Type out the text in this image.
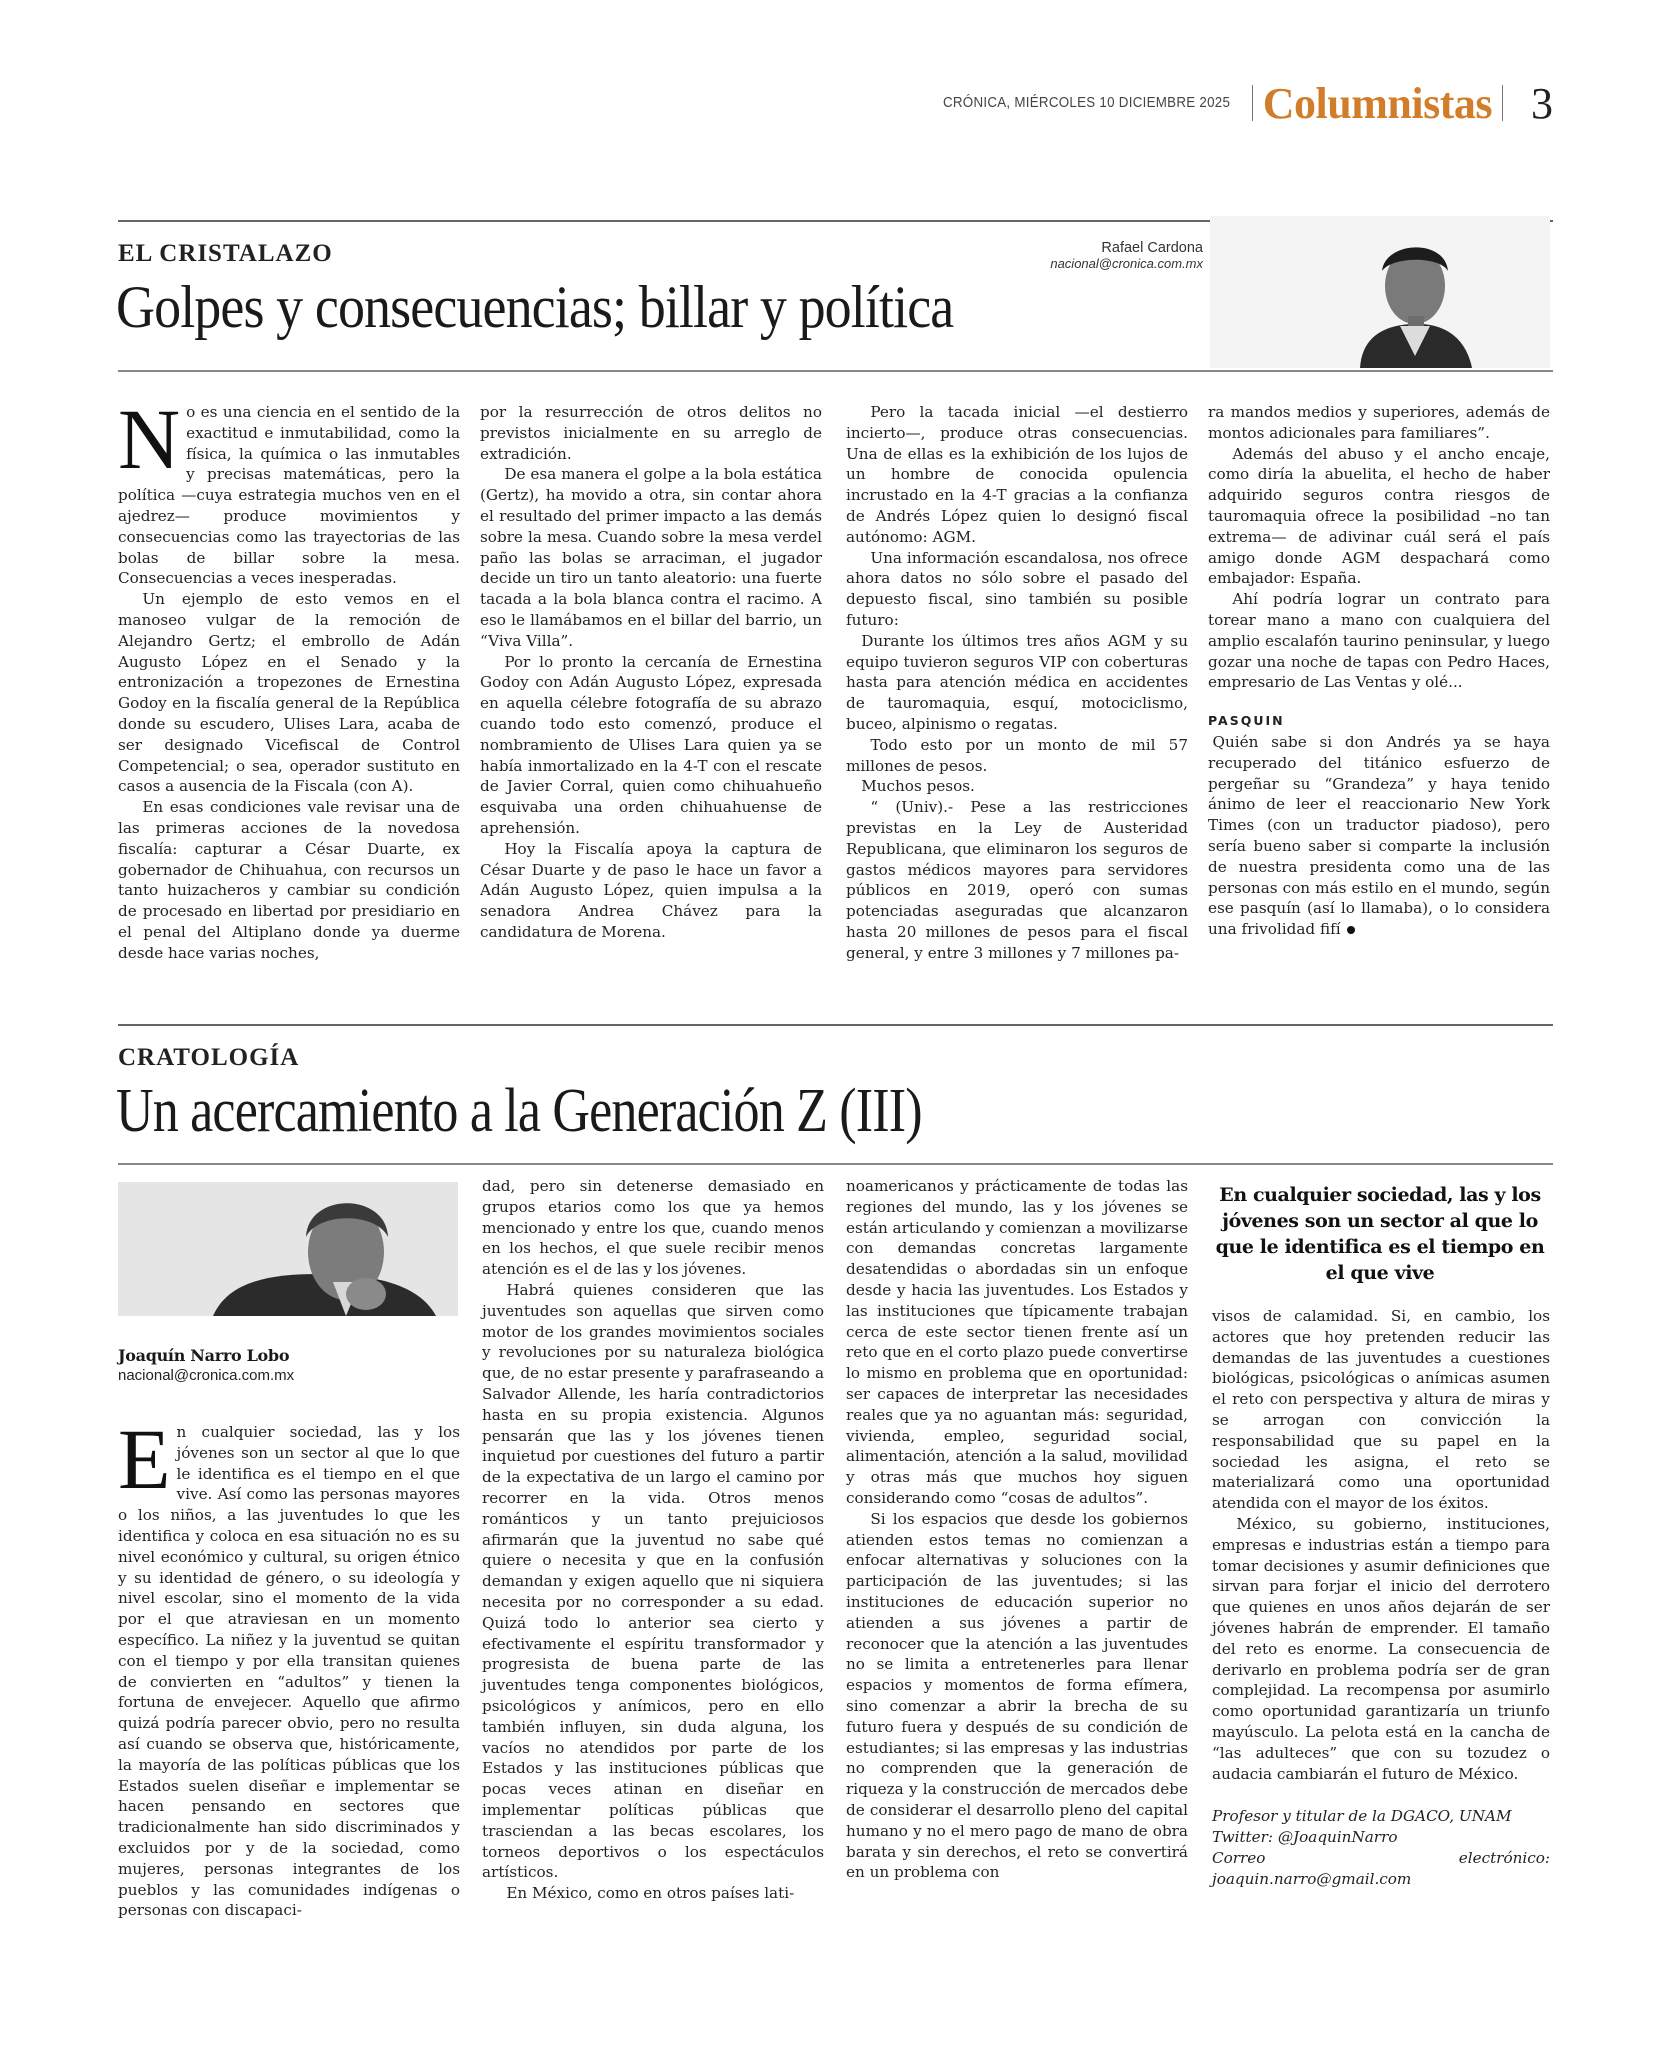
CRÓNICA, MIÉRCOLES 10 DICIEMBRE 2025 Columnistas 3
EL CRISTALAZO
Golpes y consecuencias; billar y política
Rafael Cardona
nacional@cronica.com.mx

No es una ciencia en el sentido de la exactitud e inmutabilidad, como la física, la química o las inmutables y precisas matemáticas, pero la política —cuya estrategia muchos ven en el ajedrez— produce movimientos y consecuencias como las trayectorias de las bolas de billar sobre la mesa. Consecuencias a veces inesperadas.

Un ejemplo de esto vemos en el manoseo vulgar de la remoción de Alejandro Gertz; el embrollo de Adán Augusto López en el Senado y la entronización a tropezones de Ernestina Godoy en la fiscalía general de la República donde su escudero, Ulises Lara, acaba de ser designado Vicefiscal de Control Competencial; o sea, operador sustituto en casos a ausencia de la Fiscala (con A).

En esas condiciones vale revisar una de las primeras acciones de la novedosa fiscalía: capturar a César Duarte, ex gobernador de Chihuahua, con recursos un tanto huizacheros y cambiar su condición de procesado en libertad por presidiario en el penal del Altiplano donde ya duerme desde hace varias noches,

por la resurrección de otros delitos no previstos inicialmente en su arreglo de extradición.

De esa manera el golpe a la bola estática (Gertz), ha movido a otra, sin contar ahora el resultado del primer impacto a las demás sobre la mesa. Cuando sobre la mesa verdel paño las bolas se arraciman, el jugador decide un tiro un tanto aleatorio: una fuerte tacada a la bola blanca contra el racimo. A eso le llamábamos en el billar del barrio, un “Viva Villa”.

Por lo pronto la cercanía de Ernestina Godoy con Adán Augusto López, expresada en aquella célebre fotografía de su abrazo cuando todo esto comenzó, produce el nombramiento de Ulises Lara quien ya se había inmortalizado en la 4-T con el rescate de Javier Corral, quien como chihuahueño esquivaba una orden chihuahuense de aprehensión.

Hoy la Fiscalía apoya la captura de César Duarte y de paso le hace un favor a Adán Augusto López, quien impulsa a la senadora Andrea Chávez para la candidatura de Morena.

Pero la tacada inicial —el destierro incierto—, produce otras consecuencias. Una de ellas es la exhibición de los lujos de un hombre de conocida opulencia incrustado en la 4-T gracias a la confianza de Andrés López quien lo designó fiscal autónomo: AGM.

Una información escandalosa, nos ofrece ahora datos no sólo sobre el pasado del depuesto fiscal, sino también su posible futuro:

Durante los últimos tres años AGM y su equipo tuvieron seguros VIP con coberturas hasta para atención médica en accidentes de tauromaquia, esquí, motociclismo, buceo, alpinismo o regatas.

Todo esto por un monto de mil 57 millones de pesos.

Muchos pesos.

“ (Univ).- Pese a las restricciones previstas en la Ley de Austeridad Republicana, que eliminaron los seguros de gastos médicos mayores para servidores públicos en 2019, operó con sumas potenciadas aseguradas que alcanzaron hasta 20 millones de pesos para el fiscal general, y entre 3 millones y 7 millones pa-

ra mandos medios y superiores, además de montos adicionales para familiares”.

Además del abuso y el ancho encaje, como diría la abuelita, el hecho de haber adquirido seguros contra riesgos de tauromaquia ofrece la posibilidad –no tan extrema— de adivinar cuál será el país amigo donde AGM despachará como embajador: España.

Ahí podría lograr un contrato para torear mano a mano con cualquiera del amplio escalafón taurino peninsular, y luego gozar una noche de tapas con Pedro Haces, empresario de Las Ventas y olé...

PASQUIN

Quién sabe si don Andrés ya se haya recuperado del titánico esfuerzo de pergeñar su “Grandeza” y haya tenido ánimo de leer el reaccionario New York Times (con un traductor piadoso), pero sería bueno saber si comparte la inclusión de nuestra presidenta como una de las personas con más estilo en el mundo, según ese pasquín (así lo llamaba), o lo considera una frivolidad fifí

CRATOLOGÍA
Un acercamiento a la Generación Z (III)
Joaquín Narro Lobo
nacional@cronica.com.mx

En cualquier sociedad, las y los jóvenes son un sector al que lo que le identifica es el tiempo en el que vive. Así como las personas mayores o los niños, a las juventudes lo que les identifica y coloca en esa situación no es su nivel económico y cultural, su origen étnico y su identidad de género, o su ideología y nivel escolar, sino el momento de la vida por el que atraviesan en un momento específico. La niñez y la juventud se quitan con el tiempo y por ella transitan quienes de convierten en “adultos” y tienen la fortuna de envejecer. Aquello que afirmo quizá podría parecer obvio, pero no resulta así cuando se observa que, históricamente, la mayoría de las políticas públicas que los Estados suelen diseñar e implementar se hacen pensando en sectores que tradicionalmente han sido discriminados y excluidos por y de la sociedad, como mujeres, personas integrantes de los pueblos y las comunidades indígenas o personas con discapaci-

dad, pero sin detenerse demasiado en grupos etarios como los que ya hemos mencionado y entre los que, cuando menos en los hechos, el que suele recibir menos atención es el de las y los jóvenes.

Habrá quienes consideren que las juventudes son aquellas que sirven como motor de los grandes movimientos sociales y revoluciones por su naturaleza biológica que, de no estar presente y parafraseando a Salvador Allende, les haría contradictorios hasta en su propia existencia. Algunos pensarán que las y los jóvenes tienen inquietud por cuestiones del futuro a partir de la expectativa de un largo el camino por recorrer en la vida. Otros menos románticos y un tanto prejuiciosos afirmarán que la juventud no sabe qué quiere o necesita y que en la confusión demandan y exigen aquello que ni siquiera necesita por no corresponder a su edad. Quizá todo lo anterior sea cierto y efectivamente el espíritu transformador y progresista de buena parte de las juventudes tenga componentes biológicos, psicológicos y anímicos, pero en ello también influyen, sin duda alguna, los vacíos no atendidos por parte de los Estados y las instituciones públicas que pocas veces atinan en diseñar en implementar políticas públicas que trasciendan a las becas escolares, los torneos deportivos o los espectáculos artísticos.

En México, como en otros países lati-

noamericanos y prácticamente de todas las regiones del mundo, las y los jóvenes se están articulando y comienzan a movilizarse con demandas concretas largamente desatendidas o abordadas sin un enfoque desde y hacia las juventudes. Los Estados y las instituciones que típicamente trabajan cerca de este sector tienen frente así un reto que en el corto plazo puede convertirse lo mismo en problema que en oportunidad: ser capaces de interpretar las necesidades reales que ya no aguantan más: seguridad, vivienda, empleo, seguridad social, alimentación, atención a la salud, movilidad y otras más que muchos hoy siguen considerando como “cosas de adultos”.

Si los espacios que desde los gobiernos atienden estos temas no comienzan a enfocar alternativas y soluciones con la participación de las juventudes; si las instituciones de educación superior no atienden a sus jóvenes a partir de reconocer que la atención a las juventudes no se limita a entretenerles para llenar espacios y momentos de forma efímera, sino comenzar a abrir la brecha de su futuro fuera y después de su condición de estudiantes; si las empresas y las industrias no comprenden que la generación de riqueza y la construcción de mercados debe de considerar el desarrollo pleno del capital humano y no el mero pago de mano de obra barata y sin derechos, el reto se convertirá en un problema con

En cualquier sociedad, las y los jóvenes son un sector al que lo que le identifica es el tiempo en el que vive

visos de calamidad. Si, en cambio, los actores que hoy pretenden reducir las demandas de las juventudes a cuestiones biológicas, psicológicas o anímicas asumen el reto con perspectiva y altura de miras y se arrogan con convicción la responsabilidad que su papel en la sociedad les asigna, el reto se materializará como una oportunidad atendida con el mayor de los éxitos.

México, su gobierno, instituciones, empresas e industrias están a tiempo para tomar decisiones y asumir definiciones que sirvan para forjar el inicio del derrotero que quienes en unos años dejarán de ser jóvenes habrán de emprender. El tamaño del reto es enorme. La consecuencia de derivarlo en problema podría ser de gran complejidad. La recompensa por asumirlo como oportunidad garantizaría un triunfo mayúsculo. La pelota está en la cancha de “las adulteces” que con su tozudez o audacia cambiarán el futuro de México.

Profesor y titular de la DGACO, UNAM
Twitter: @JoaquinNarro
Correo electrónico: joaquin.narro@gmail.com
